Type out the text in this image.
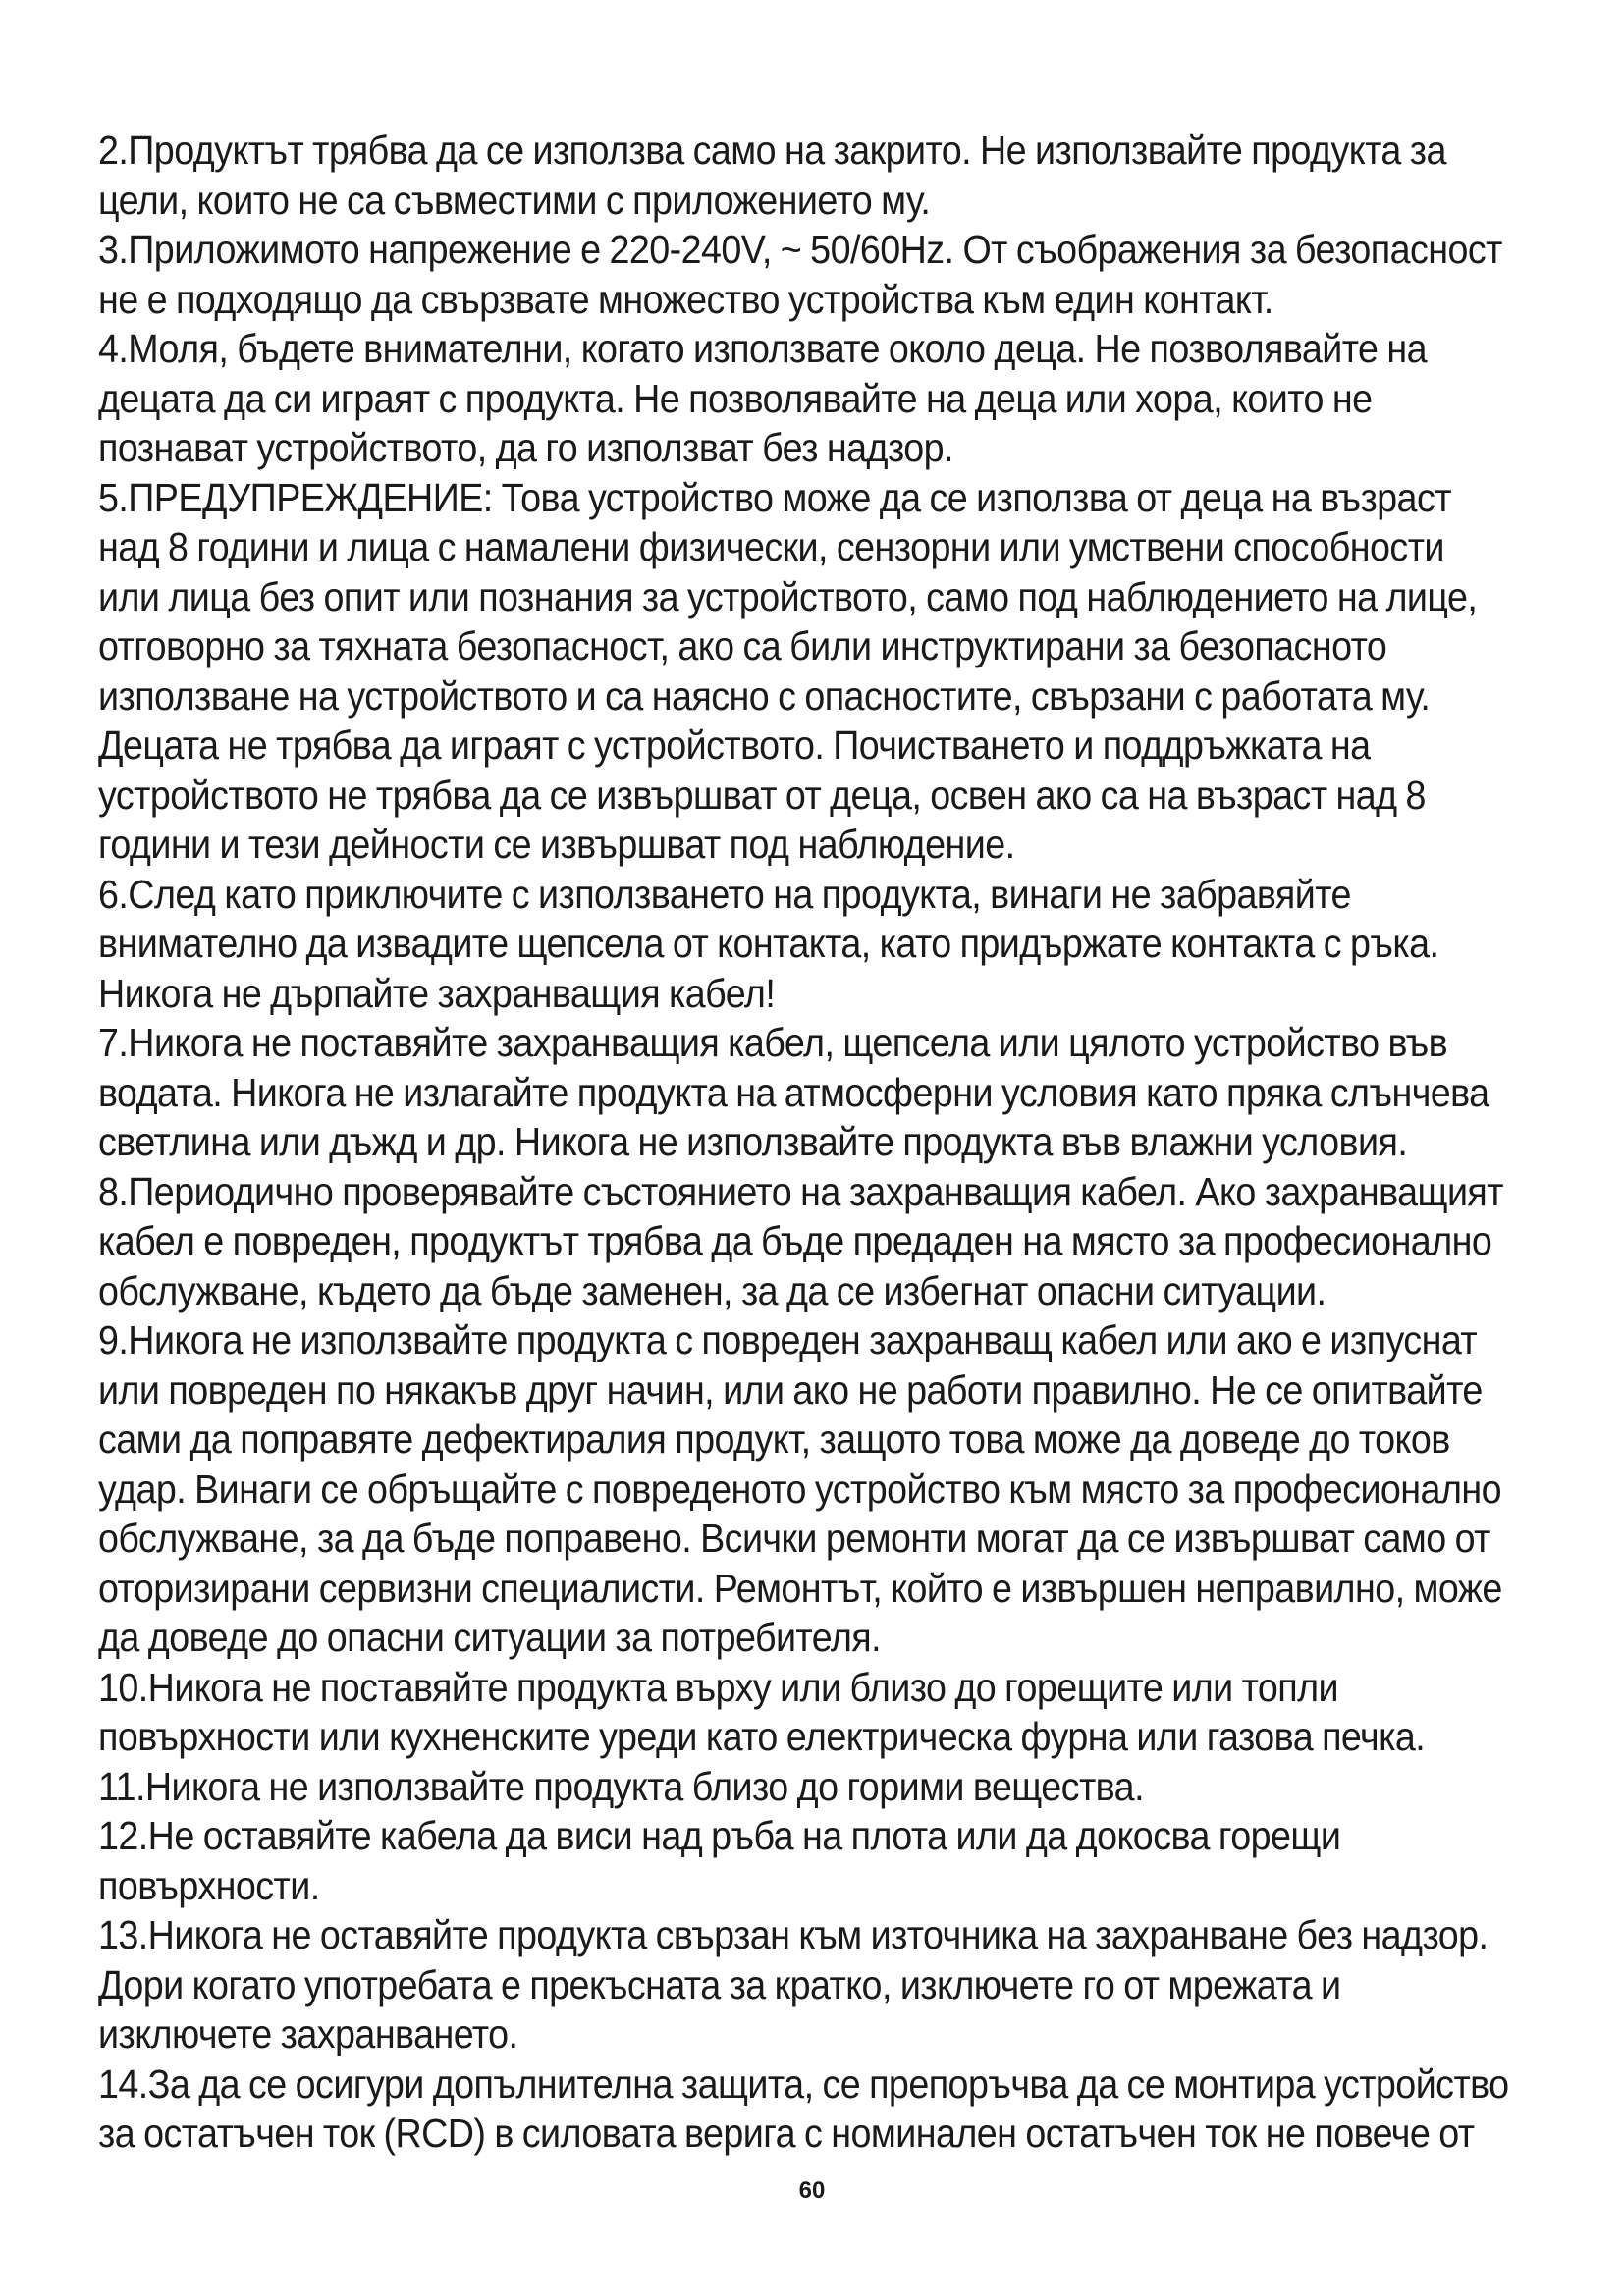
2.Продуктът трябва да се използва само на закрито. Не използвайте продукта за
цели, които не са съвместими с приложението му.

3.Приложимото напрежение е 220-240V, ~ 50/60Hz. От съображения за безопасност
не е подходящо да свързвате множество устройства към един контакт.

4.Моля, бъдете внимателни, когато използвате около деца. Не позволявайте на
децата да си играят с продукта. Не позволявайте на деца или хора, които не
познават устройството, да го използват без надзор.

5.ПРЕДУПРЕЖДЕНИЕ: Това устройство може да се използва от деца на възраст
над 8 години и лица с намалени физически, сензорни или умствени способности
или лица без опит или познания за устройството, само под наблюдението на лице,
отговорно за тяхната безопасност, ако са били инструктирани за безопасното
използване на устройството и са наясно с опасностите, свързани с работата му.
Децата не трябва да играят с устройството. Почистването и поддръжката на
устройството не трябва да се извършват от деца, освен ако са на възраст над 8
години и тези дейности се извършват под наблюдение.

6.След като приключите с използването на продукта, винаги не забравяйте
внимателно да извадите щепсела от контакта, като придържате контакта с ръка.
Никога не дърпайте захранващия кабел!

7.Никога не поставяйте захранващия кабел, щепсела или цялото устройство във
водата. Никога не излагайте продукта на атмосферни условия като пряка слънчева
светлина или дъжд и др. Никога не използвайте продукта във влажни условия.

8.Периодично проверявайте състоянието на захранващия кабел. Ако захранващият
кабел е повреден, продуктът трябва да бъде предаден на място за професионално
обслужване, където да бъде заменен, за да се избегнат опасни ситуации.

9.Никога не използвайте продукта с повреден захранващ кабел или ако е изпуснат
или повреден по някакъв друг начин, или ако не работи правилно. Не се опитвайте
сами да поправяте дефектиралия продукт, защото това може да доведе до токов
удар. Винаги се обръщайте с повреденото устройство към място за професионално
обслужване, за да бъде поправено. Всички ремонти могат да се извършват само от
оторизирани сервизни специалисти. Ремонтът, който е извършен неправилно, може
да доведе до опасни ситуации за потребителя.

10.Никога не поставяйте продукта върху или близо до горещите или топли
повърхности или кухненските уреди като електрическа фурна или газова печка.

11.Никога не използвайте продукта близо до горими вещества.

12.Не оставяйте кабела да виси над ръба на плота или да докосва горещи
повърхности.

13.Никога не оставяйте продукта свързан към източника на захранване без надзор.
Дори когато употребата е прекъсната за кратко, изключете го от мрежата и
изключете захранването.

14.За да се осигури допълнителна защита, се препоръчва да се монтира устройство
за остатъчен ток (RCD) в силовата верига с номинален остатъчен ток не повече от

60
